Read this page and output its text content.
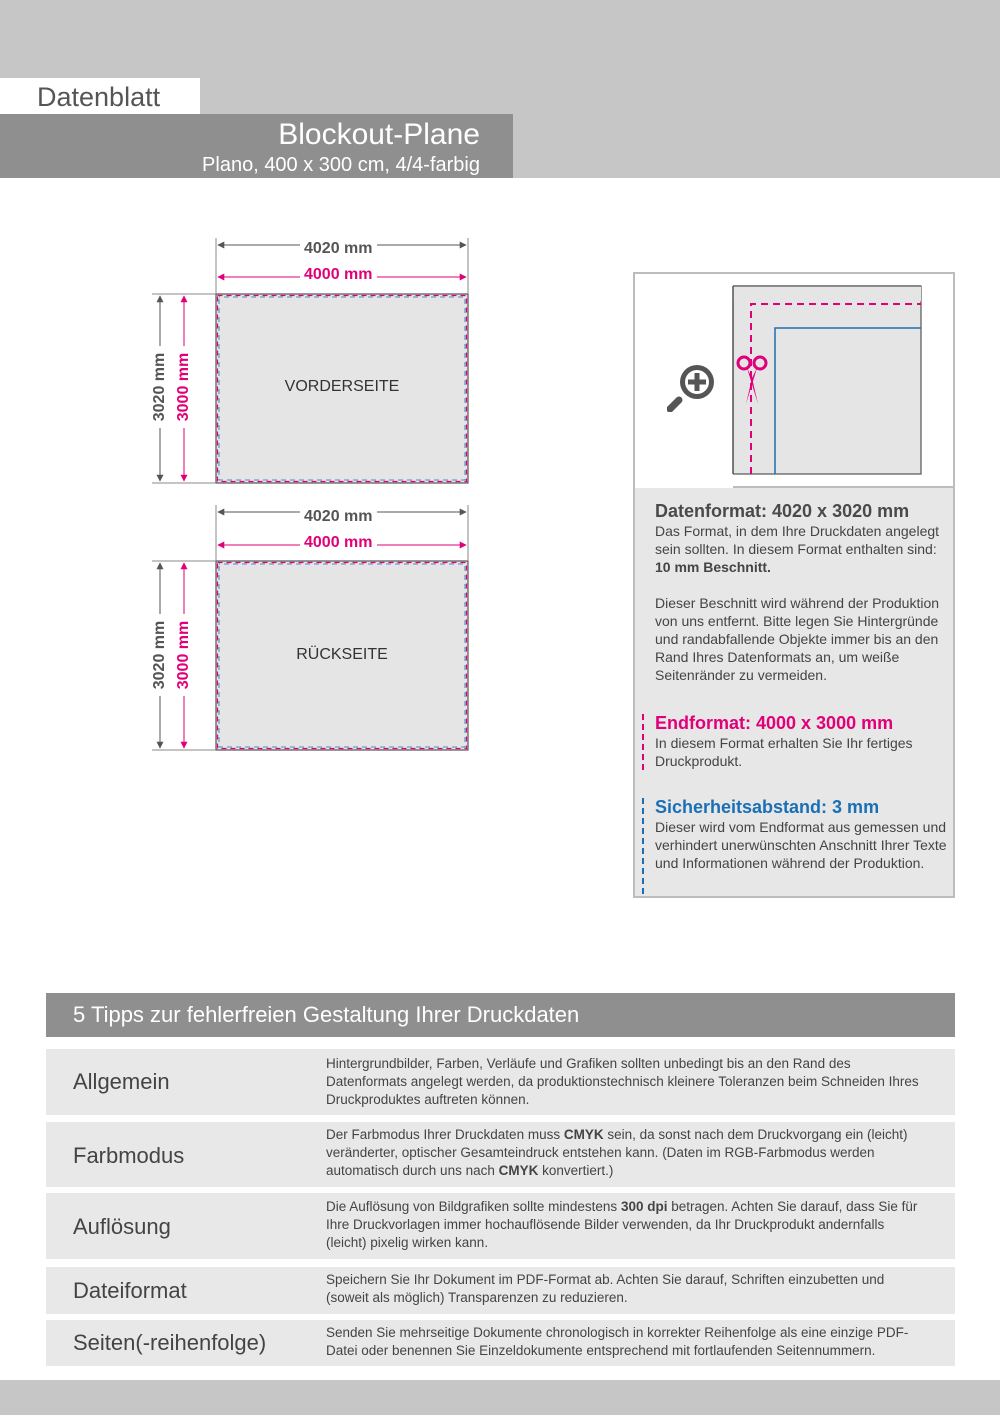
Datenblatt
Blockout-Plane
Plano, 400 x 300 cm, 4/4-farbig
VORDERSEITE
4020 mm
4000 mm
3020 mm 3000 mm
RÜCKSEITE
4020 mm
4000 mm
3020 mm 3000 mm
Datenformat: 4020 x 3020 mm
Das Format, in dem Ihre Druckdaten angelegt sein sollten. In diesem Format enthalten sind: 10 mm Beschnitt.
Dieser Beschnitt wird während der Produktion von uns entfernt. Bitte legen Sie Hintergründe und randabfallende Objekte immer bis an den Rand Ihres Datenformats an, um weiße Seitenränder zu vermeiden.
Endformat: 4000 x 3000 mm
In diesem Format erhalten Sie Ihr fertiges Druckprodukt.
Sicherheitsabstand: 3 mm
Dieser wird vom Endformat aus gemessen und verhindert unerwünschten Anschnitt Ihrer Texte und Informationen während der Produktion.
5 Tipps zur fehlerfreien Gestaltung Ihrer Druckdaten
Allgemein
Hintergrundbilder, Farben, Verläufe und Grafiken sollten unbedingt bis an den Rand des Datenformats angelegt werden, da produktionstechnisch kleinere Toleranzen beim Schneiden Ihres Druckproduktes auftreten können.
Farbmodus
Der Farbmodus Ihrer Druckdaten muss CMYK sein, da sonst nach dem Druckvorgang ein (leicht) veränderter, optischer Gesamteindruck entstehen kann. (Daten im RGB-Farbmodus werden automatisch durch uns nach CMYK konvertiert.)
Auflösung
Die Auflösung von Bildgrafiken sollte mindestens 300 dpi betragen. Achten Sie darauf, dass Sie für Ihre Druckvorlagen immer hochauflösende Bilder verwenden, da Ihr Druckprodukt andernfalls (leicht) pixelig wirken kann.
Dateiformat	Speichern Sie Ihr Dokument im PDF-Format ab. Achten Sie darauf, Schriften einzubetten und (soweit als möglich) Transparenzen zu reduzieren.
Seiten(-reihenfolge)	Senden Sie mehrseitige Dokumente chronologisch in korrekter Reihenfolge als eine einzige PDF-Datei oder benennen Sie Einzeldokumente entsprechend mit fortlaufenden Seitennummern.
